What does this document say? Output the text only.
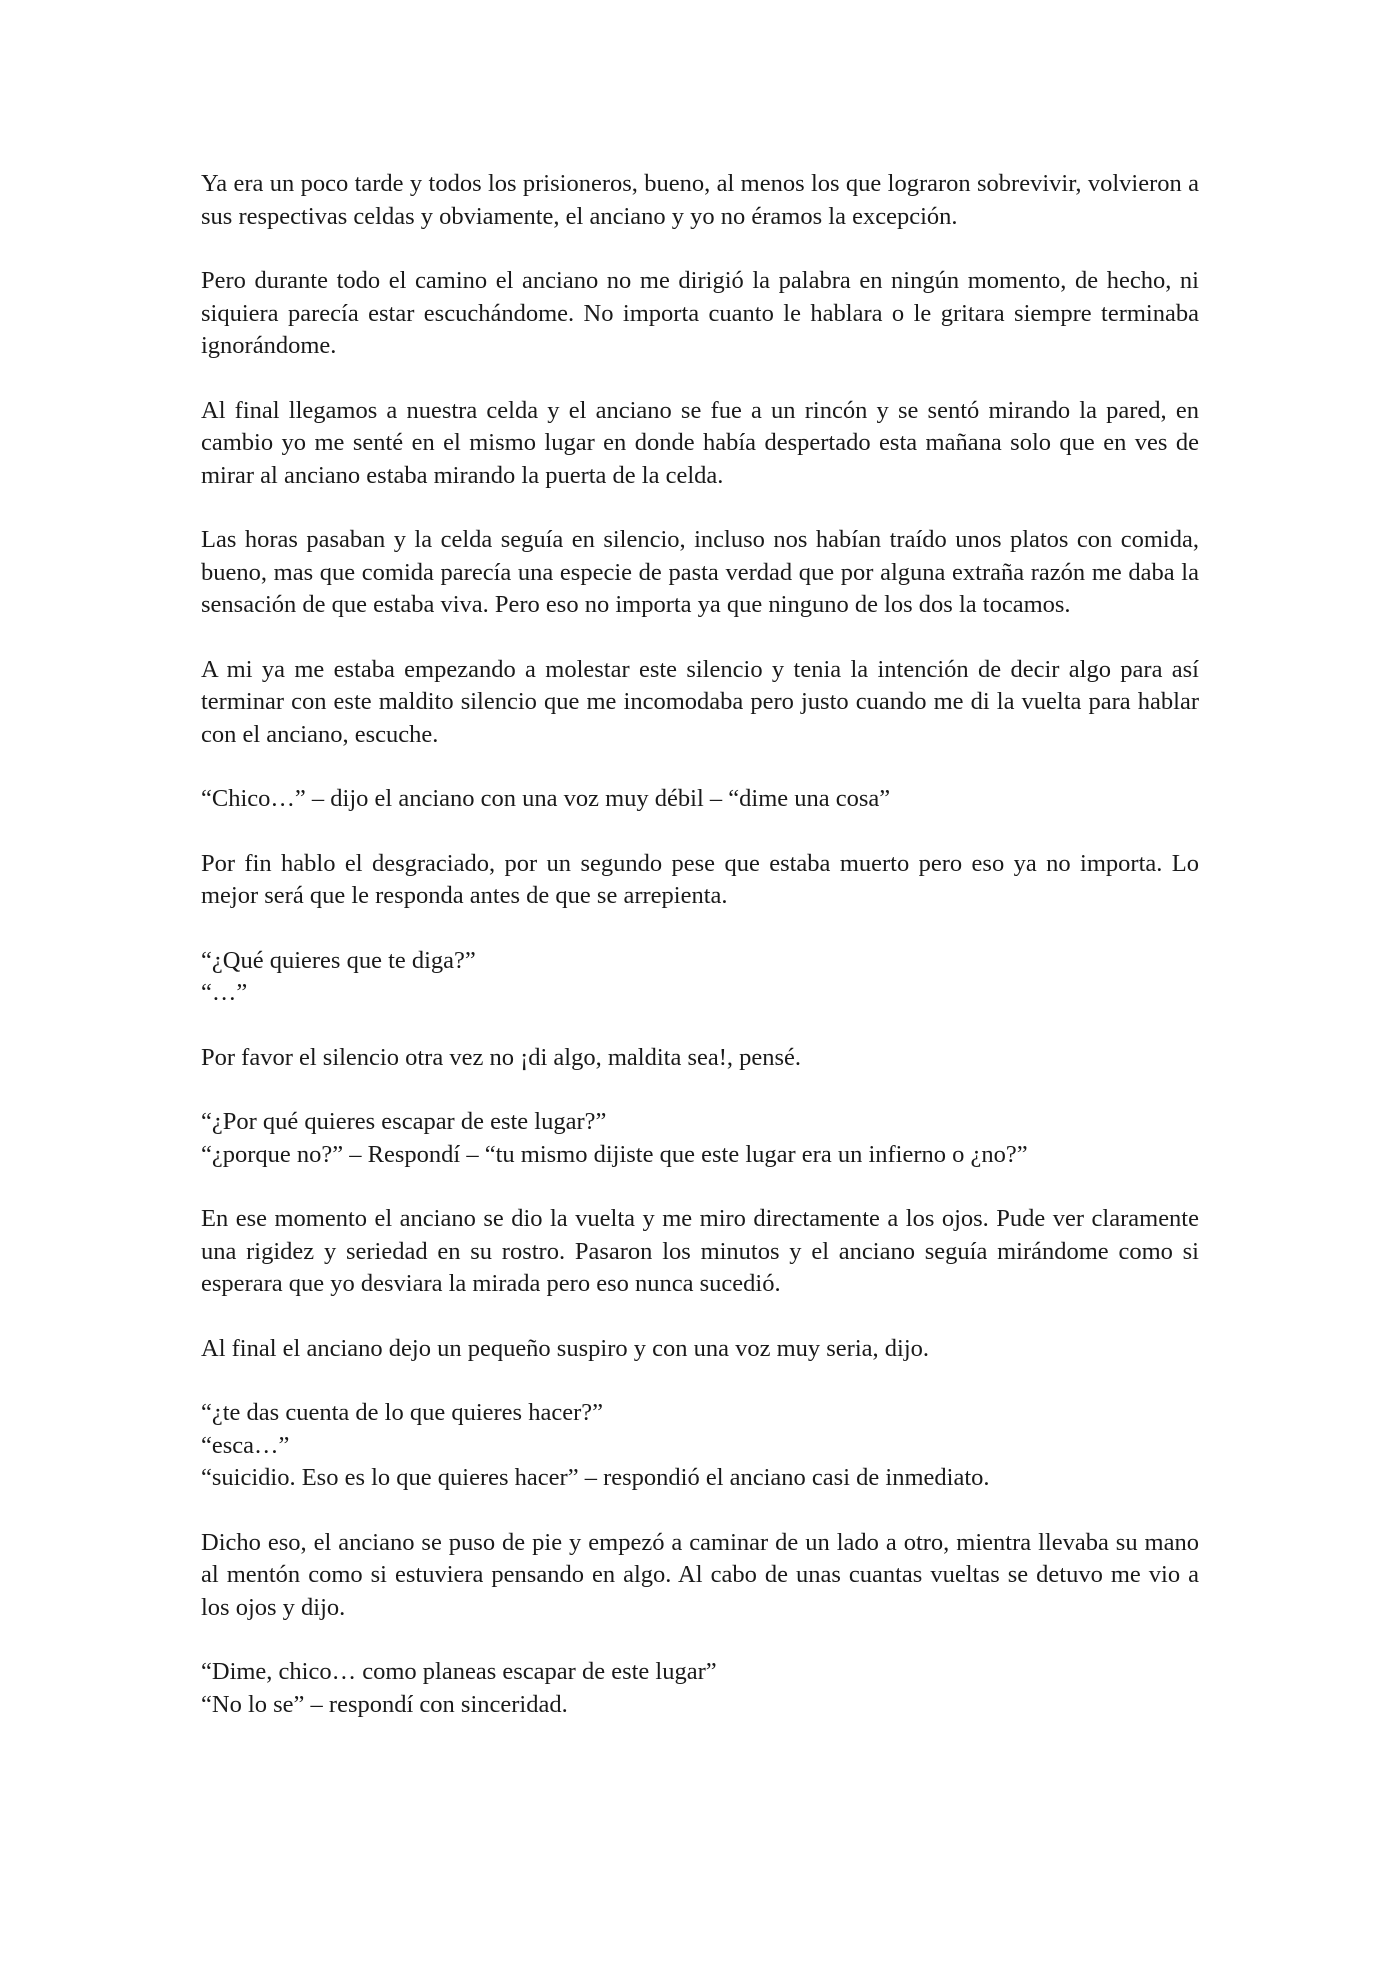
Ya era un poco tarde y todos los prisioneros, bueno, al menos los que lograron sobrevivir, volvieron a sus respectivas celdas y obviamente, el anciano y yo no éramos la excepción.

Pero durante todo el camino el anciano no me dirigió la palabra en ningún momento, de hecho, ni siquiera parecía estar escuchándome. No importa cuanto le hablara o le gritara siempre terminaba ignorándome.

Al final llegamos a nuestra celda y el anciano se fue a un rincón y se sentó mirando la pared, en cambio yo me senté en el mismo lugar en donde había despertado esta mañana solo que en ves de mirar al anciano estaba mirando la puerta de la celda.

Las horas pasaban y la celda seguía en silencio, incluso nos habían traído unos platos con comida, bueno, mas que comida parecía una especie de pasta verdad que por alguna extraña razón me daba la sensación de que estaba viva. Pero eso no importa ya que ninguno de los dos la tocamos.

A mi ya me estaba empezando a molestar este silencio y tenia la intención de decir algo para así terminar con este maldito silencio que me incomodaba pero justo cuando me di la vuelta para hablar con el anciano, escuche.

“Chico…” – dijo el anciano con una voz muy débil – “dime una cosa”

Por fin hablo el desgraciado, por un segundo pese que estaba muerto pero eso ya no importa. Lo mejor será que le responda antes de que se arrepienta.

“¿Qué quieres que te diga?”
“…”

Por favor el silencio otra vez no ¡di algo, maldita sea!, pensé.

“¿Por qué quieres escapar de este lugar?”
“¿porque no?” – Respondí – “tu mismo dijiste que este lugar era un infierno o ¿no?”

En ese momento el anciano se dio la vuelta y me miro directamente a los ojos. Pude ver claramente una rigidez y seriedad en su rostro. Pasaron los minutos y el anciano seguía mirándome como si esperara que yo desviara la mirada pero eso nunca sucedió.

Al final el anciano dejo un pequeño suspiro y con una voz muy seria, dijo.

“¿te das cuenta de lo que quieres hacer?”
“esca…”
“suicidio. Eso es lo que quieres hacer” – respondió el anciano casi de inmediato.

Dicho eso, el anciano se puso de pie y empezó a caminar de un lado a otro, mientra llevaba su mano al mentón como si estuviera pensando en algo. Al cabo de unas cuantas vueltas se detuvo me vio a los ojos y dijo.

“Dime, chico… como planeas escapar de este lugar”
“No lo se” – respondí con sinceridad.
